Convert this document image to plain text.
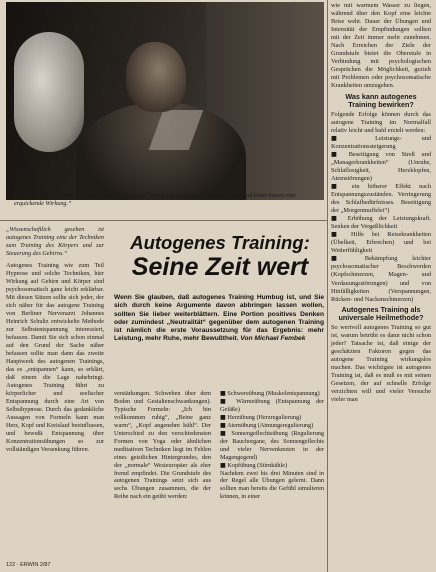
Dr. Karl J. Kruschmann: „Drei Minuten autogenes Training ersetzen zwei Stunden Schlaf und hinterlassen eine erquickende Wirkung.“

wie mit warmem Wasser zu liegen, während über den Kopf eine leichte Brise weht. Dauer der Übungen und Intensität der Empfindungen sollten mit der Zeit immer mehr zunehmen. Nach Erreichen der Ziele der Grundstufe bietet die Oberstufe in Verbindung mit psychologischen Gesprächen die Möglichkeit, gezielt mit Problemen oder psychosomatische Krankheiten umzugehen.

Was kann autogenes Training bewirken?

Folgende Erfolge können durch das autogene Training im Normalfall relativ leicht und bald erzielt werden:

■	Leistungs- und Konzentrationssteigerung

■ Beseitigung von Streß und „Managerkrankheiten“ (Unruhe, Schlaflosigkeit, Herzklopfen, Atemstörungen)

■ ein höherer Effekt nach Entspannungszuständen. Verringerung des Schlafbedürfnisses. Beseitigung der „Morgenmuffelei“)

■ Erhöhung der Leistungskraft. Senken der Vergeßlichkeit

■ Hilfe bei Reisekrankheiten (Übelkeit, Erbrechen) und bei Wetterfühligkeit

■ Bekämpfung leichter psychosomatischer Beschwerden (Kopfschmerzen, Magen- und Verdauungsstörungen) und von Hinfälligkeiten (Verspannungen, Rücken- und Nackenschmerzen)

Autogenes Training als universale Heilmethode?

So wertvoll autogenes Training so gut ist, warum betrübt es dann nicht schon jeder? Tatsache ist, daß einige der geschätzten Faktoren gegen das autogene Training wirkungslos machen. Das wichtigste ist autogenes Training ist, daß es muß es mit seinen Gesetzen, der auf schnelle Erfolge verzichten will und vieler Versuche vieler man

„Wissenschaftlich gesehen ist autogenes Training eine der Techniken zum Training des Körpers und zur Steuerung des Gehirns.“

Autogenes Training wie zum Teil Hypnose und solche Techniken, hier Wirkung auf Gehirn und Körper sind psychosomatisch ganz leicht erklärbar. Mit diesen Sätzen sollte sich jeder, der sich näher für das autogene Training von Berliner Nervenarzt Johannes Heinrich Schultz entwickelte Methode zur Selbstentspannung interessiert, befassen. Damit Sie sich schon einmal auf den Grund der Sache näher befassen sollte man dann das zweite Hauptwerk des autogenen Trainings, das es „entspannen“ kann, so erklärt, daß einem die Lage nahebringt. Autogenes Training führt zu körperlicher und seelischer Entspannung durch eine Art von Selbsthypnose. Durch das gedankliche Aussagen von Formeln kann man Herz, Kopf und Kreislauf beeinflussen, und bewußt Entspannung über Konzentrationsübungen so zur vollständigen Versenkung führen.

Autogenes Training:
Seine Zeit wert
Wenn Sie glauben, daß autogenes Training Humbug ist, und Sie sich durch keine Argumente davon abbringen lassen wollen, sollten Sie lieber weiterblättern. Eine Portion positives Denken oder zumindest „Neutralität“ gegenüber dem autogenen Training ist nämlich die erste Voraussetzung für das Ergebnis: mehr Leistung, mehr Ruhe, mehr Bewußtheit. Von Michael Fembek

verstärkungen. Schweben über dem Boden und Gestaltenschwankungen). Typische Formeln: „Ich bin vollkommen ruhig“, „Beine ganz warm“, „Kopf angenehm kühl“. Der Unterschied zu den verschiedensten Formen von Yoga oder ähnlichen meditativen Techniken liegt im Fehlen eines geistlichen Hintergrundes, den der „normale“ Westeuropäer als eher fremd empfindet. Die Grundstufe des autogenen Trainings setzt sich aus sechs Übungen zusammen, die der Reihe nach ein geübt werden:

■ Schwereübung (Muskelentspannung)

■ Wärmeübung (Entspannung der Gefäße)

■ Herzübung (Herzregulierung)

■ Atemübung (Atmungsregulierung)

■ Sonnengeflechtsübung (Regulierung der Bauchorgane, des Sonnengeflechts und vieler Nervenknoten in der Magengegend)

■ Kopfübung (Stirnkühle)

Nachdem zwei bis drei Minuten sind in der Regel alle Übungen gelernt. Dann sollten man bereits die Gefühl simulieren können, in einer

122 · ERWIN 2/87
